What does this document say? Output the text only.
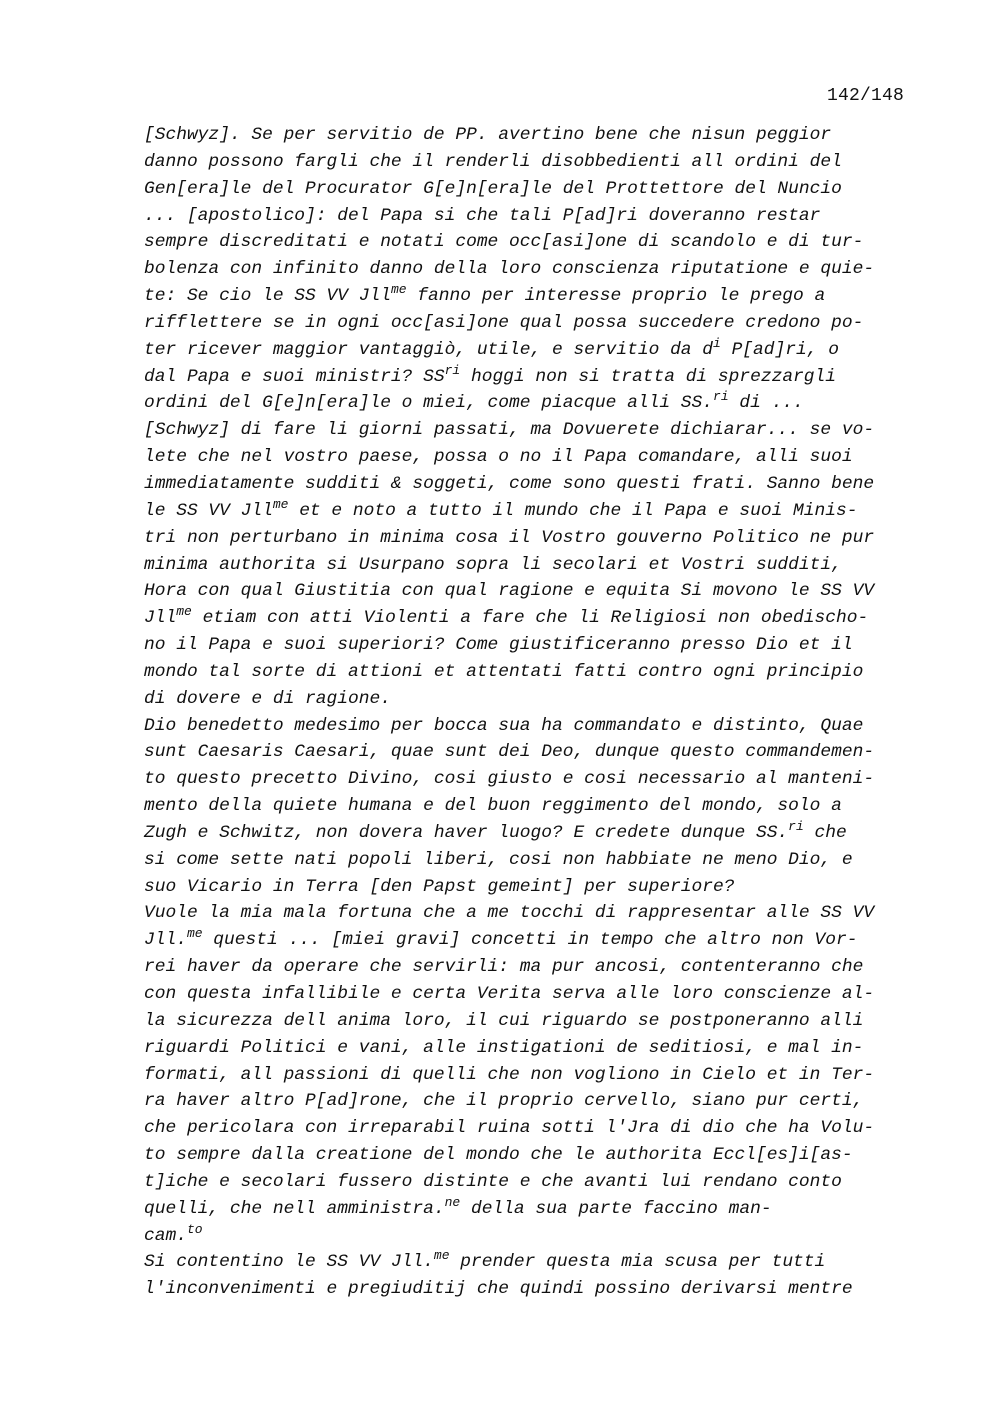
142/148
[Schwyz]. Se per servitio de PP. avertino bene che nisun peggior
danno possono fargli che il renderli disobbedienti all ordini del
Gen[era]le del Procurator G[e]n[era]le del Prottettore del Nuncio
... [apostolico]: del Papa si che tali P[ad]ri doveranno restar
sempre discreditati e notati come occ[asi]one di scandolo e di tur-
bolenza con infinito danno della loro conscienza riputatione e quie-
te: Se cio le SS VV Jll$^{me}$ fanno per interesse proprio le prego a
rifflettere se in ogni occ[asi]one qual possa succedere credono po-
ter ricever maggior vantaggiò, utile, e servitio da $d^i$ P[ad]ri, o
dal Papa e suoi ministri? $SS^{ri}$ hoggi non si tratta di sprezzargli
ordini del G[e]n[era]le o miei, come piacque alli SS.$^{ri}$ di ...
[Schwyz] di fare li giorni passati, ma Dovuerete dichiarar... se vo-
lete che nel vostro paese, possa o no il Papa comandare, alli suoi
immediatamente sudditi & soggeti, come sono questi frati. Sanno bene
le SS VV Jll$^{me}$ et e noto a tutto il mundo che il Papa e suoi Minis-
tri non perturbano in minima cosa il Vostro gouverno Politico ne pur
minima authorita si Usurpano sopra li secolari et Vostri sudditi,
Hora con qual Giustitia con qual ragione e equita Si movono le SS VV
Jll$^{me}$ etiam con atti Violenti a fare che li Religiosi non obedischo-
no il Papa e suoi superiori? Come giustificeranno presso Dio et il
mondo tal sorte di attioni et attentati fatti contro ogni principio
di dovere e di ragione.
Dio benedetto medesimo per bocca sua ha commandato e distinto, Quae
sunt Caesaris Caesari, quae sunt dei Deo, dunque questo commandemen-
to questo precetto Divino, cosi giusto e cosi necessario al manteni-
mento della quiete humana e del buon reggimento del mondo, solo a
Zugh e Schwitz, non dovera haver luogo? E credete dunque SS.$^{ri}$ che
si come sette nati popoli liberi, cosi non habbiate ne meno Dio, e
suo Vicario in Terra [den Papst gemeint] per superiore?
Vuole la mia mala fortuna che a me tocchi di rappresentar alle SS VV
Jll.$^{me}$ questi ... [miei gravi] concetti in tempo che altro non Vor-
rei haver da operare che servirli: ma pur ancosi, contenteranno che
con questa infallibile e certa Verita serva alle loro conscienze al-
la sicurezza dell anima loro, il cui riguardo se postponeranno alli
riguardi Politici e vani, alle instigationi de seditiosi, e mal in-
formati, all passioni di quelli che non vogliono in Cielo et in Ter-
ra haver altro P[ad]rone, che il proprio cervello, siano pur certi,
che pericolara con irreparabil ruina sotti l'Jra di dio che ha Volu-
to sempre dalla creatione del mondo che le authorita Eccl[es]i[as-
t]iche e secolari fussero distinte e che avanti lui rendano conto
quelli, che nell amministra.$^{ne}$ della sua parte faccino man-
cam.$^{to}$
Si contentino le SS VV Jll.$^{me}$ prender questa mia scusa per tutti
l'inconvenimenti e pregiuditij che quindi possino derivarsi mentre
